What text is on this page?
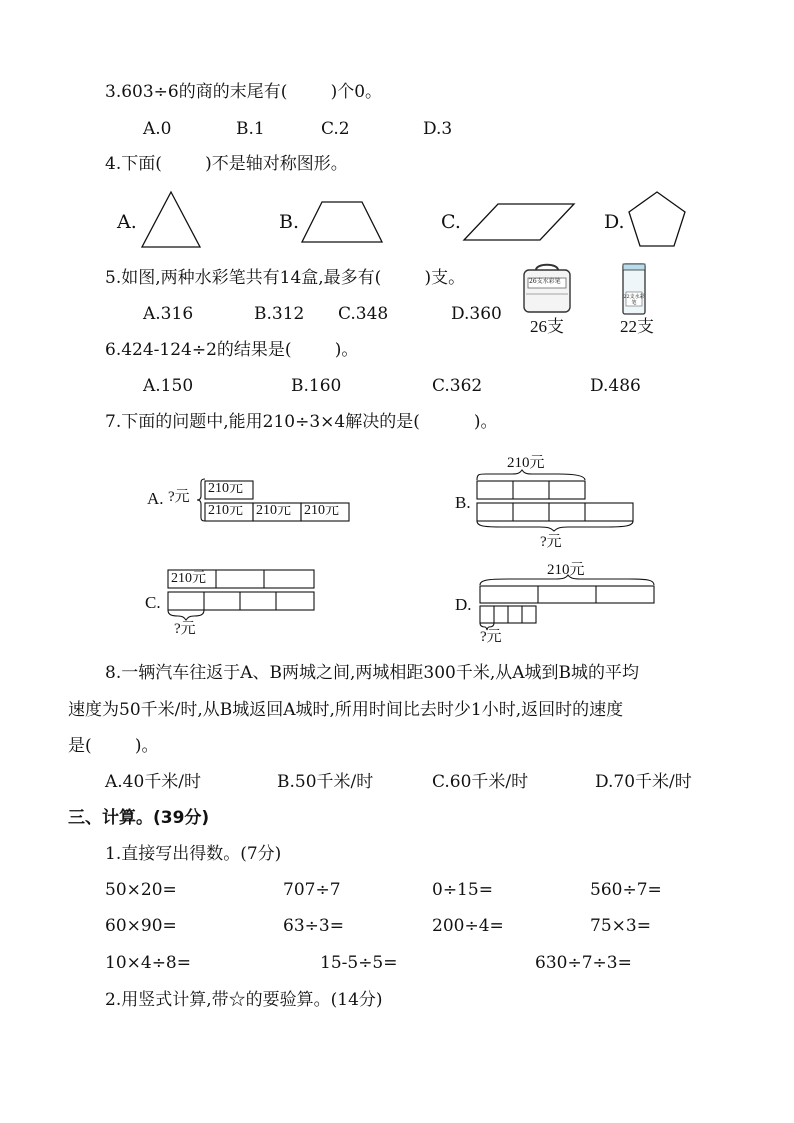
3.603÷6的商的末尾有(        )个0。
A.0	B.1	C.2	D.3
4.下面(        )不是轴对称图形。
A.	B.	C.	D.
5.如图,两种水彩笔共有14盒,最多有(        )支。
A.316	B.312 C.348	D.360
26支水彩笔
22支水彩笔
26支	22支
6.424-124÷2的结果是(        )。
A.150	B.160	C.362	D.486
7.下面的问题中,能用210÷3×4解决的是(          )。
A. ?元
210元
210元 210元 210元
210元
B.
?元
C.
210元
?元
210元
D.
?元
8.一辆汽车往返于A、B两城之间,两城相距300千米,从A城到B城的平均
速度为50千米/时,从B城返回A城时,所用时间比去时少1小时,返回时的速度
是(        )。
A.40千米/时	B.50千米/时	C.60千米/时	D.70千米/时
三、计算。(39分)
1.直接写出得数。(7分)
50×20=	707÷7	0÷15=	560÷7=
60×90=	63÷3=	200÷4=	75×3=
10×4÷8=	15-5÷5=	630÷7÷3=
2.用竖式计算,带☆的要验算。(14分)
